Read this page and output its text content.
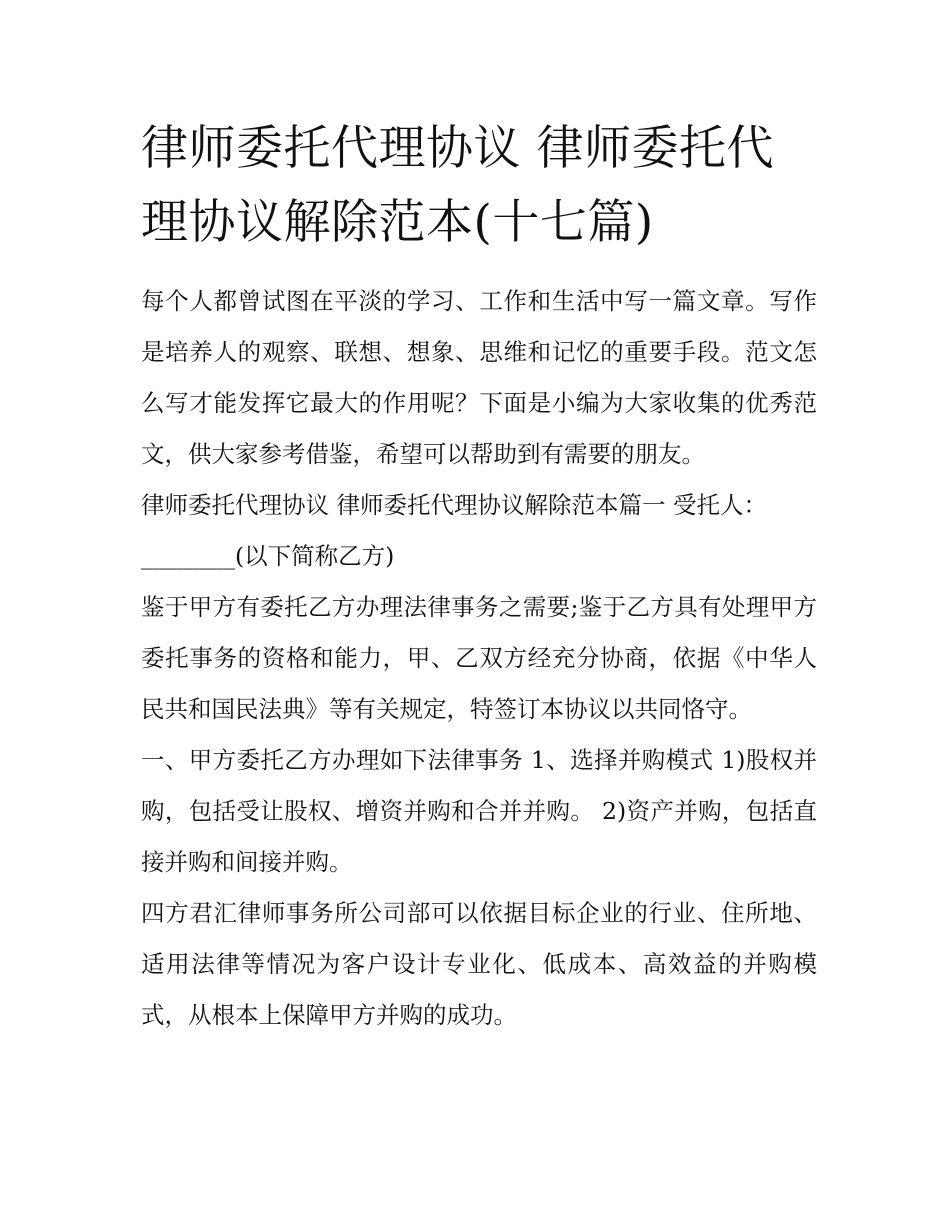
律师委托代理协议 律师委托代理协议解除范本(十七篇)

每个人都曾试图在平淡的学习、工作和生活中写一篇文章。写作是培养人的观察、联想、想象、思维和记忆的重要手段。范文怎么写才能发挥它最大的作用呢？下面是小编为大家收集的优秀范文，供大家参考借鉴，希望可以帮助到有需要的朋友。

律师委托代理协议 律师委托代理协议解除范本篇一 受托人：

________(以下简称乙方)

鉴于甲方有委托乙方办理法律事务之需要;鉴于乙方具有处理甲方委托事务的资格和能力，甲、乙双方经充分协商，依据《中华人民共和国民法典》等有关规定，特签订本协议以共同恪守。

一、甲方委托乙方办理如下法律事务 1、选择并购模式 1)股权并购，包括受让股权、增资并购和合并并购。 2)资产并购，包括直接并购和间接并购。

四方君汇律师事务所公司部可以依据目标企业的行业、住所地、适用法律等情况为客户设计专业化、低成本、高效益的并购模式，从根本上保障甲方并购的成功。
